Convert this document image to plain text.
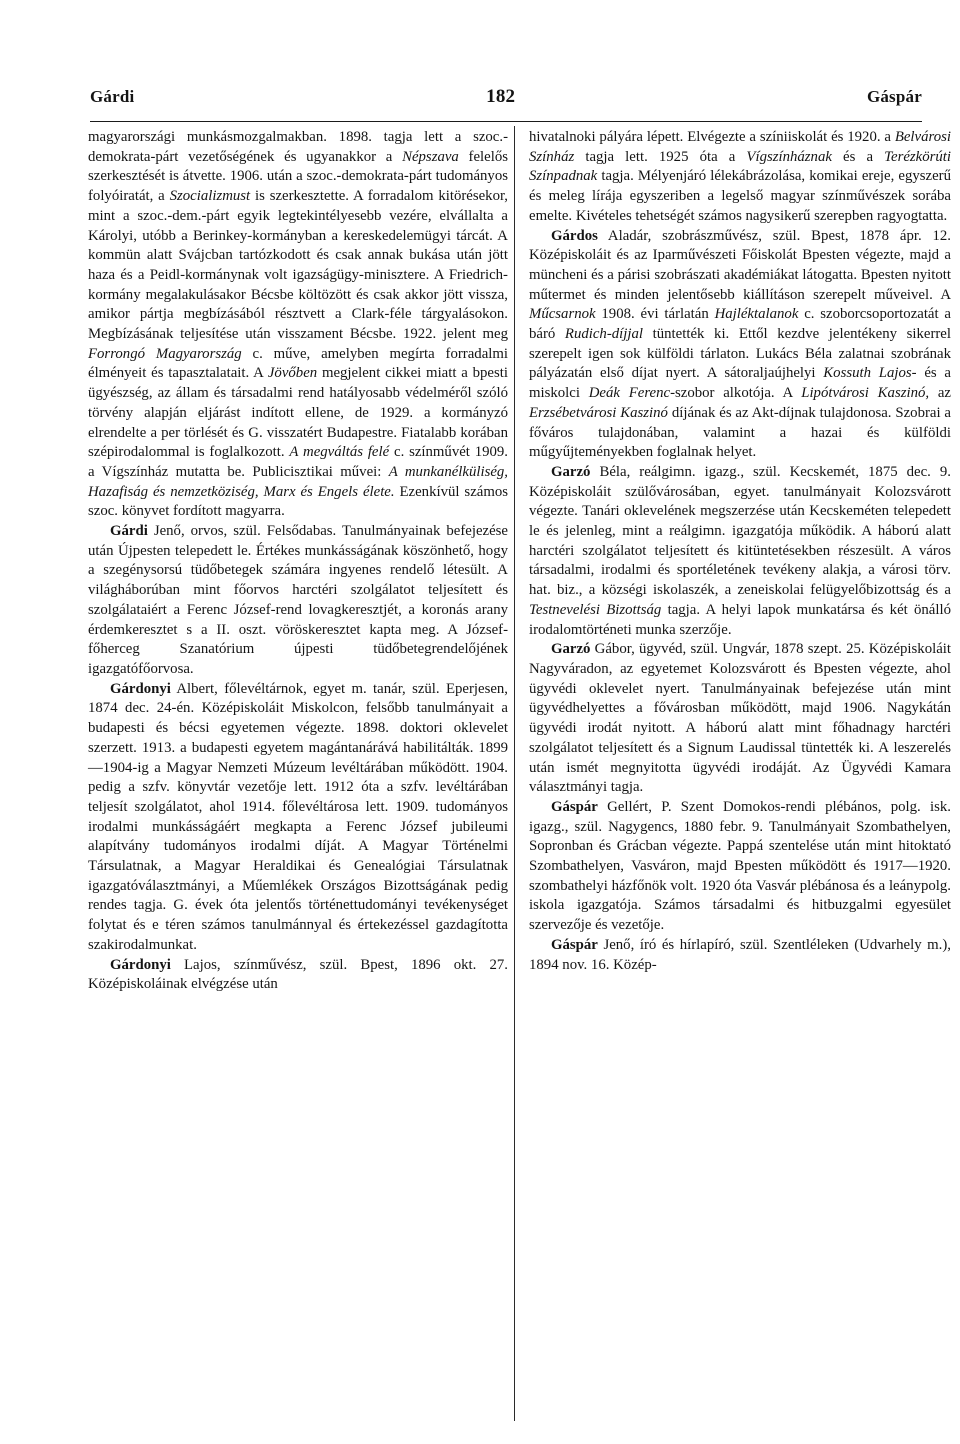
Gárdi	182	Gáspár

magyarországi munkásmozgalmakban. 1898. tagja lett a szoc.-demokrata-párt vezetőségének és ugyanakkor a Népszava felelős szerkesztését is átvette. 1906. után a szoc.-demokrata-párt tudományos folyóiratát, a Szocializmust is szerkesztette. A forradalom kitörésekor, mint a szoc.-dem.-párt egyik legtekintélyesebb vezére, elvállalta a Károlyi, utóbb a Berinkey-kormányban a kereskedelemügyi tárcát. A kommün alatt Svájcban tartózkodott és csak annak bukása után jött haza és a Peidl-kormánynak volt igazságügy-minisztere. A Friedrich-kormány megalakulásakor Bécsbe költözött és csak akkor jött vissza, amikor pártja megbízásából résztvett a Clark-féle tárgyalásokon. Megbízásának teljesítése után visszament Bécsbe. 1922. jelent meg Forrongó Magyarország c. műve, amelyben megírta forradalmi élményeit és tapasztalatait. A Jövőben megjelent cikkei miatt a bpesti ügyészség, az állam és társadalmi rend hatályosabb védelméről szóló törvény alapján eljárást indított ellene, de 1929. a kormányzó elrendelte a per törlését és G. visszatért Budapestre. Fiatalabb korában szépirodalommal is foglalkozott. A megváltás felé c. színművét 1909. a Vígszínház mutatta be. Publicisztikai művei: A munkanélküliség, Hazafiság és nemzetköziség, Marx és Engels élete. Ezenkívül számos szoc. könyvet fordított magyarra.

Gárdi Jenő, orvos, szül. Felsődabas. Tanulmányainak befejezése után Újpesten telepedett le. Értékes munkásságának köszönhető, hogy a szegénysorsú tüdőbetegek számára ingyenes rendelő létesült. A világháborúban mint főorvos harctéri szolgálatot teljesített és szolgálataiért a Ferenc József-rend lovagkeresztjét, a koronás arany érdemkeresztet s a II. oszt. vöröskeresztet kapta meg. A József-főherceg Szanatórium újpesti tüdőbetegrendelőjének igazgatófőorvosa.

Gárdonyi Albert, főlevéltárnok, egyet m. tanár, szül. Eperjesen, 1874 dec. 24-én. Középiskoláit Miskolcon, felsőbb tanulmányait a budapesti és bécsi egyetemen végezte. 1898. doktori oklevelet szerzett. 1913. a budapesti egyetem magántanárává habilitálták. 1899—1904-ig a Magyar Nemzeti Múzeum levéltárában működött. 1904. pedig a szfv. könyvtár vezetője lett. 1912 óta a szfv. levéltárában teljesít szolgálatot, ahol 1914. főlevéltárosa lett. 1909. tudományos irodalmi munkásságáért megkapta a Ferenc József jubileumi alapítvány tudományos irodalmi díját. A Magyar Történelmi Társulatnak, a Magyar Heraldikai és Genealógiai Társulatnak igazgatóválasztmányi, a Műemlékek Országos Bizottságának pedig rendes tagja. G. évek óta jelentős történettudományi tevékenységet folytat és e téren számos tanulmánnyal és értekezéssel gazdagította szakirodalmunkat.

Gárdonyi Lajos, színművész, szül. Bpest, 1896 okt. 27. Középiskoláinak elvégzése után

hivatalnoki pályára lépett. Elvégezte a színiiskolát és 1920. a Belvárosi Színház tagja lett. 1925 óta a Vígszínháznak és a Terézkörúti Színpadnak tagja. Mélyenjáró lélekábrázolása, komikai ereje, egyszerű és meleg lírája egyszeriben a legelső magyar színművészek sorába emelte. Kivételes tehetségét számos nagysikerű szerepben ragyogtatta.

Gárdos Aladár, szobrászművész, szül. Bpest, 1878 ápr. 12. Középiskoláit és az Iparművészeti Főiskolát Bpesten végezte, majd a müncheni és a párisi szobrászati akadémiákat látogatta. Bpesten nyitott műtermet és minden jelentősebb kiállításon szerepelt műveivel. A Műcsarnok 1908. évi tárlatán Hajléktalanok c. szoborcsoportozatát a báró Rudich-díjjal tüntették ki. Ettől kezdve jelentékeny sikerrel szerepelt igen sok külföldi tárlaton. Lukács Béla zalatnai szobrának pályázatán első díjat nyert. A sátoraljaújhelyi Kossuth Lajos- és a miskolci Deák Ferenc-szobor alkotója. A Lipótvárosi Kaszinó, az Erzsébetvárosi Kaszinó díjának és az Akt-díjnak tulajdonosa. Szobrai a főváros tulajdonában, valamint a hazai és külföldi műgyűjteményekben foglalnak helyet.

Garzó Béla, reálgimn. igazg., szül. Kecskemét, 1875 dec. 9. Középiskoláit szülővárosában, egyet. tanulmányait Kolozsvárott végezte. Tanári oklevelének megszerzése után Kecskeméten telepedett le és jelenleg, mint a reálgimn. igazgatója működik. A háború alatt harctéri szolgálatot teljesített és kitüntetésekben részesült. A város társadalmi, irodalmi és sportéletének tevékeny alakja, a városi törv. hat. biz., a községi iskolaszék, a zeneiskolai felügyelőbizottság és a Testnevelési Bizottság tagja. A helyi lapok munkatársa és két önálló irodalomtörténeti munka szerzője.

Garzó Gábor, ügyvéd, szül. Ungvár, 1878 szept. 25. Középiskoláit Nagyváradon, az egyetemet Kolozsvárott és Bpesten végezte, ahol ügyvédi oklevelet nyert. Tanulmányainak befejezése után mint ügyvédhelyettes a fővárosban működött, majd 1906. Nagykátán ügyvédi irodát nyitott. A háború alatt mint főhadnagy harctéri szolgálatot teljesített és a Signum Laudissal tüntették ki. A leszerelés után ismét megnyitotta ügyvédi irodáját. Az Ügyvédi Kamara választmányi tagja.

Gáspár Gellért, P. Szent Domokos-rendi plébános, polg. isk. igazg., szül. Nagygencs, 1880 febr. 9. Tanulmányait Szombathelyen, Sopronban és Grácban végezte. Pappá szentelése után mint hitoktató Szombathelyen, Vasváron, majd Bpesten működött és 1917—1920. szombathelyi házfőnök volt. 1920 óta Vasvár plébánosa és a leánypolg. iskola igazgatója. Számos társadalmi és hitbuzgalmi egyesület szervezője és vezetője.

Gáspár Jenő, író és hírlapíró, szül. Szentléleken (Udvarhely m.), 1894 nov. 16. Közép-
